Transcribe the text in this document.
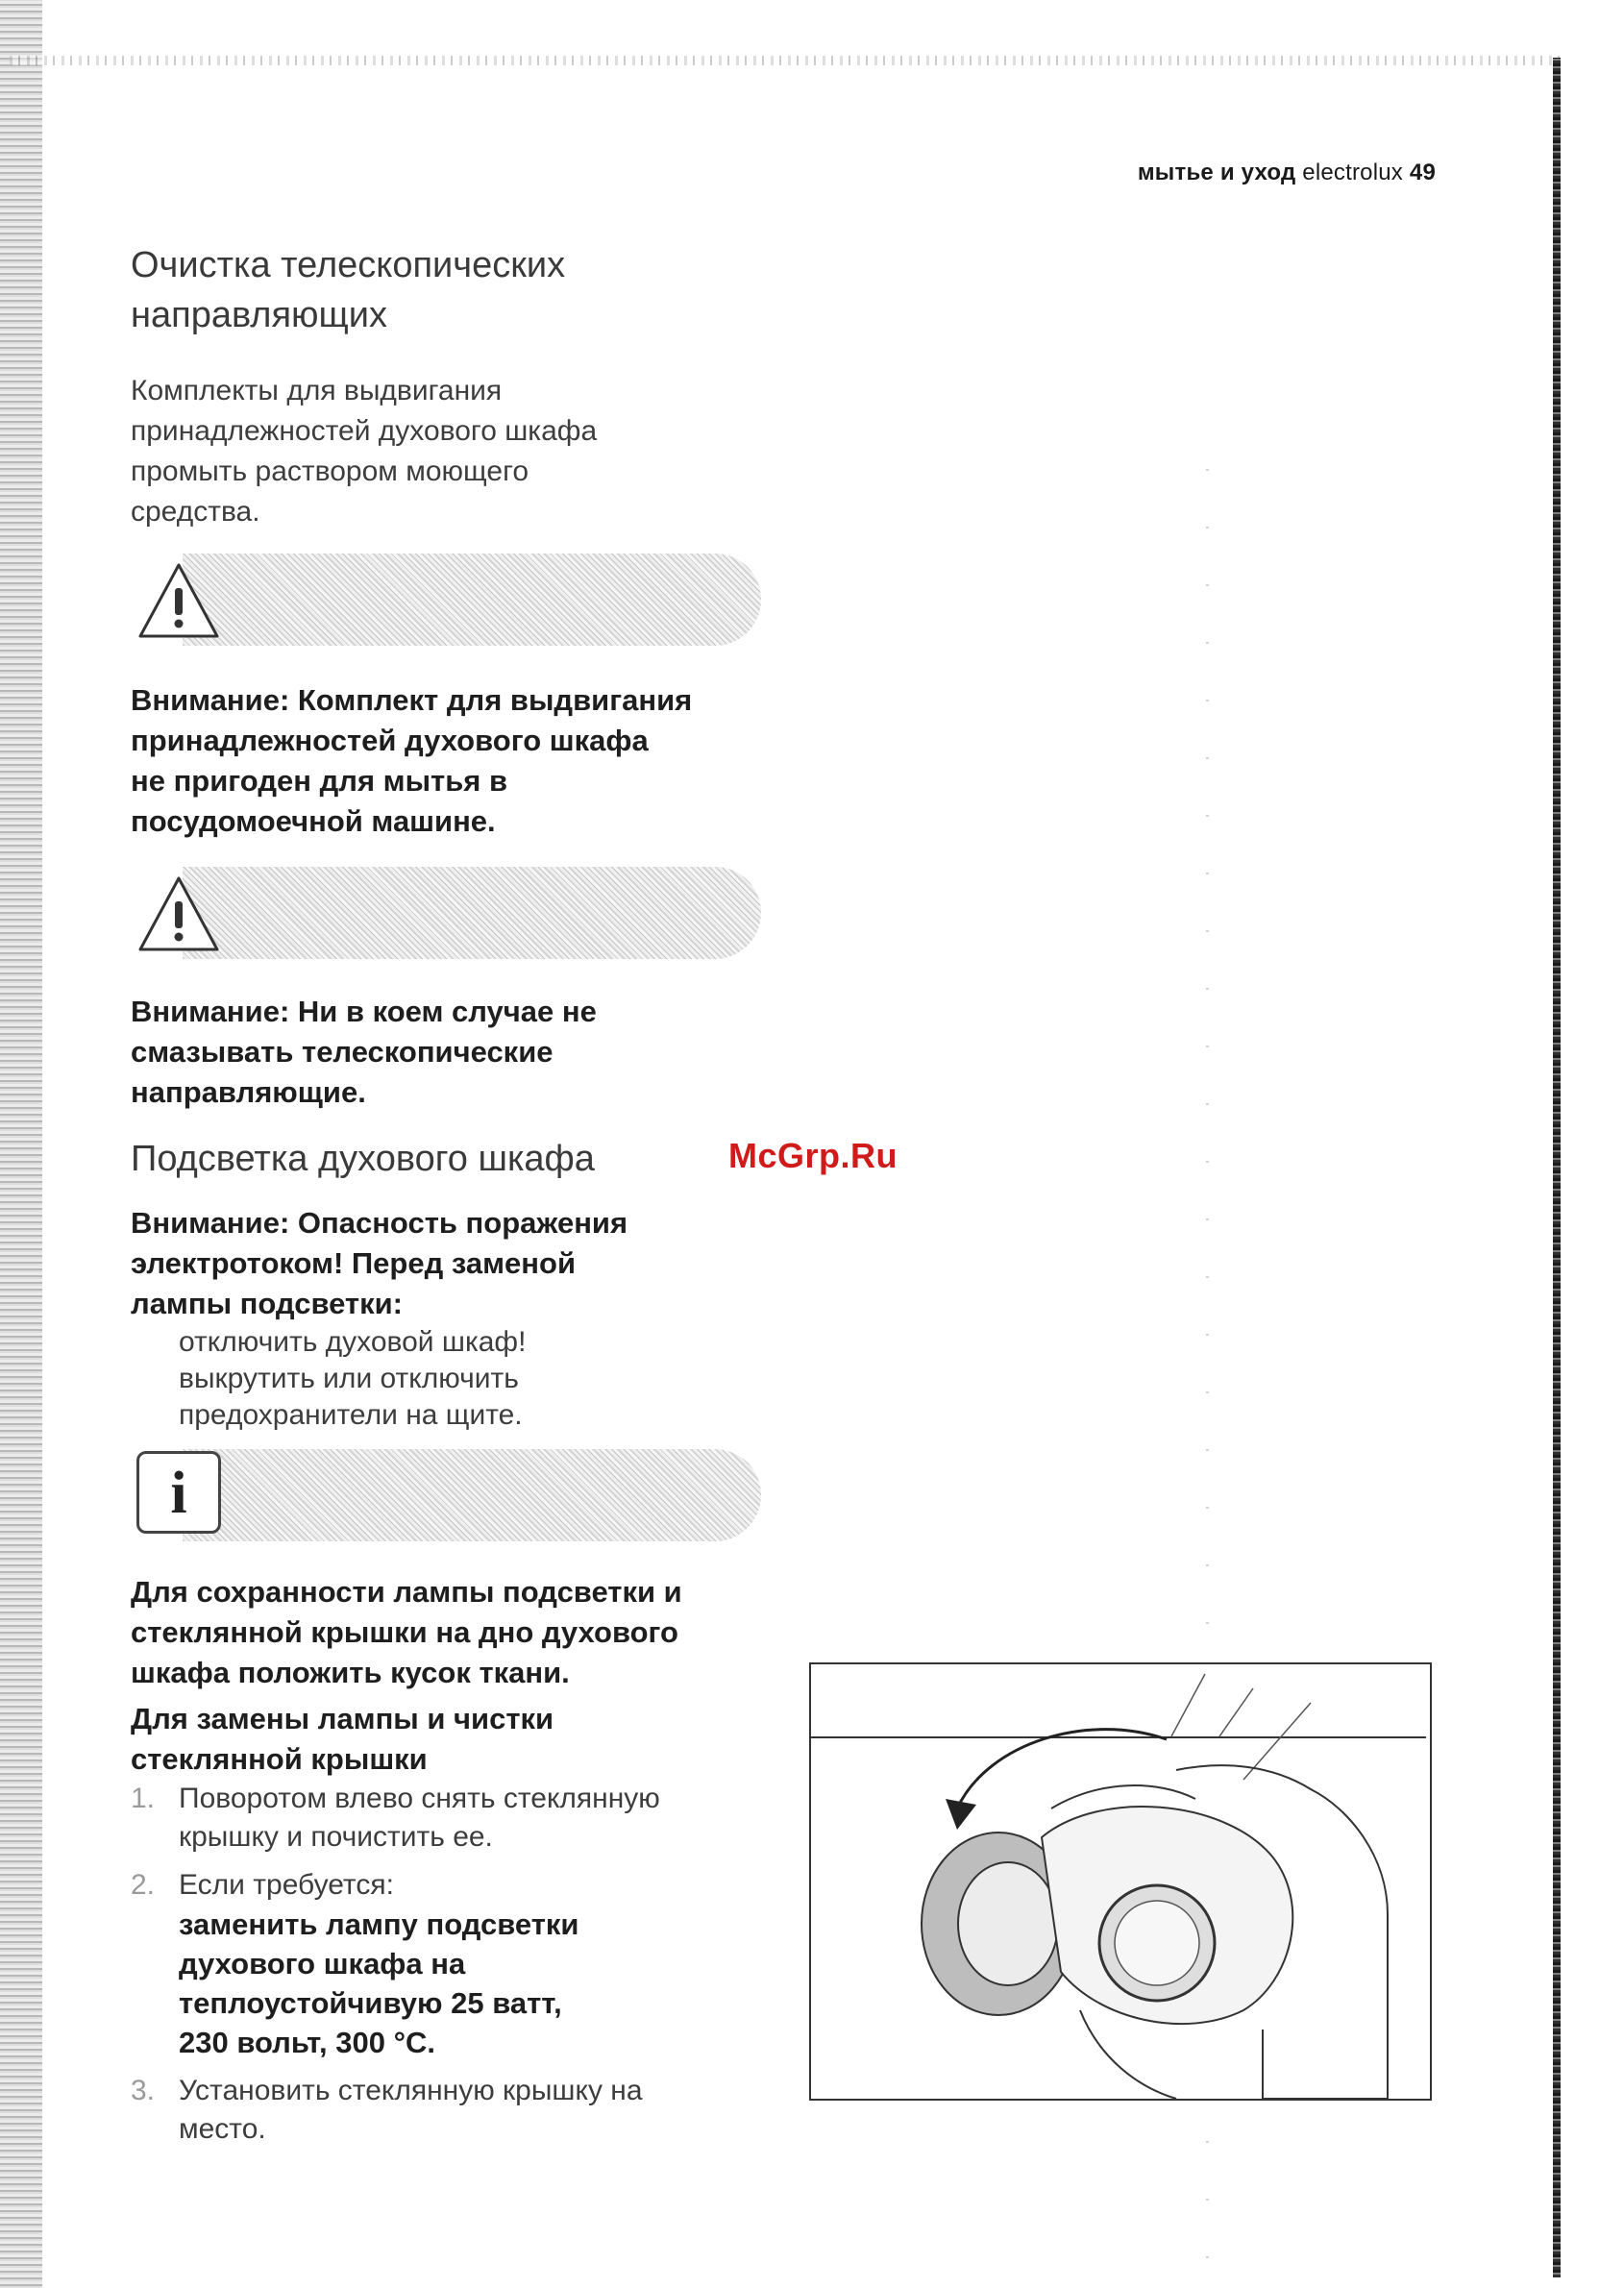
мытье и уход electrolux 49
Очистка телескопических
направляющих
Комплекты для выдвигания
принадлежностей духового шкафа
промыть раствором моющего
средства.
Внимание: Комплект для выдвигания
принадлежностей духового шкафа
не пригоден для мытья в
посудомоечной машине.
Внимание: Ни в коем случае не
смазывать телескопические
направляющие.
Подсветка духового шкафа	McGrp.Ru
Внимание: Опасность поражения
электротоком! Перед заменой
лампы подсветки:
отключить духовой шкаф!
выкрутить или отключить
предохранители на щите.
i
Для сохранности лампы подсветки и
стеклянной крышки на дно духового
шкафа положить кусок ткани.
Для замены лампы и чистки
стеклянной крышки
1. Поворотом влево снять стеклянную
крышку и почистить ее.
2. Если требуется:
заменить лампу подсветки
духового шкафа на
теплоустойчивую 25 ватт,
230 вольт, 300 °C.
3. Установить стеклянную крышку на
место.
